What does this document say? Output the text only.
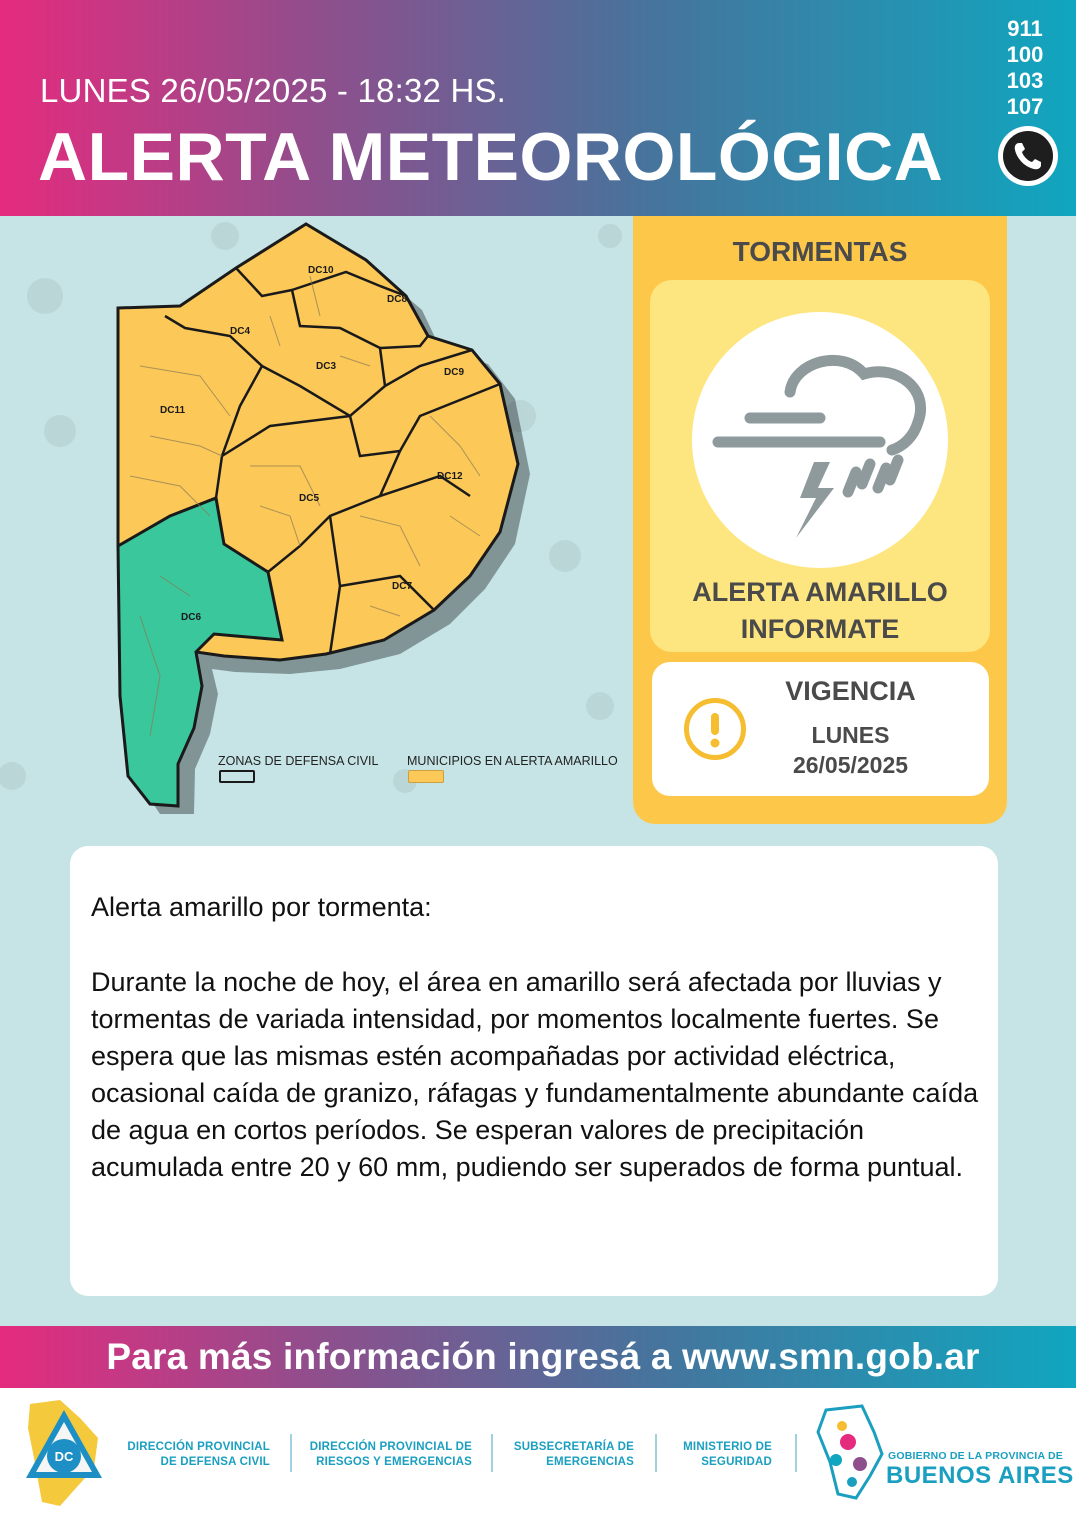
LUNES 26/05/2025 - 18:32 HS.
ALERTA METEOROLÓGICA
911
100
103
107
DC10
DC8
DC4
DC3
DC9
DC11
DC12
DC5
DC7
DC6
ZONAS DE DEFENSA CIVIL MUNICIPIOS EN ALERTA AMARILLO
TORMENTAS
ALERTA AMARILLO
INFORMATE
VIGENCIA
LUNES
26/05/2025
Alerta amarillo por tormenta:
Durante la noche de hoy, el área en amarillo será afectada por lluvias y tormentas de variada intensidad, por momentos localmente fuertes. Se espera que las mismas estén acompañadas por actividad eléctrica, ocasional caída de granizo, ráfagas y fundamentalmente abundante caída de agua en cortos períodos. Se esperan valores de precipitación acumulada entre 20 y 60 mm, pudiendo ser superados de forma puntual.
Para más información ingresá a www.smn.gob.ar
DC
DIRECCIÓN PROVINCIAL
DE DEFENSA CIVIL
DIRECCIÓN PROVINCIAL DE
RIESGOS Y EMERGENCIAS
SUBSECRETARÍA DE
EMERGENCIAS
MINISTERIO DE
SEGURIDAD	GOBIERNO DE LA PROVINCIA DE
BUENOS AIRES
